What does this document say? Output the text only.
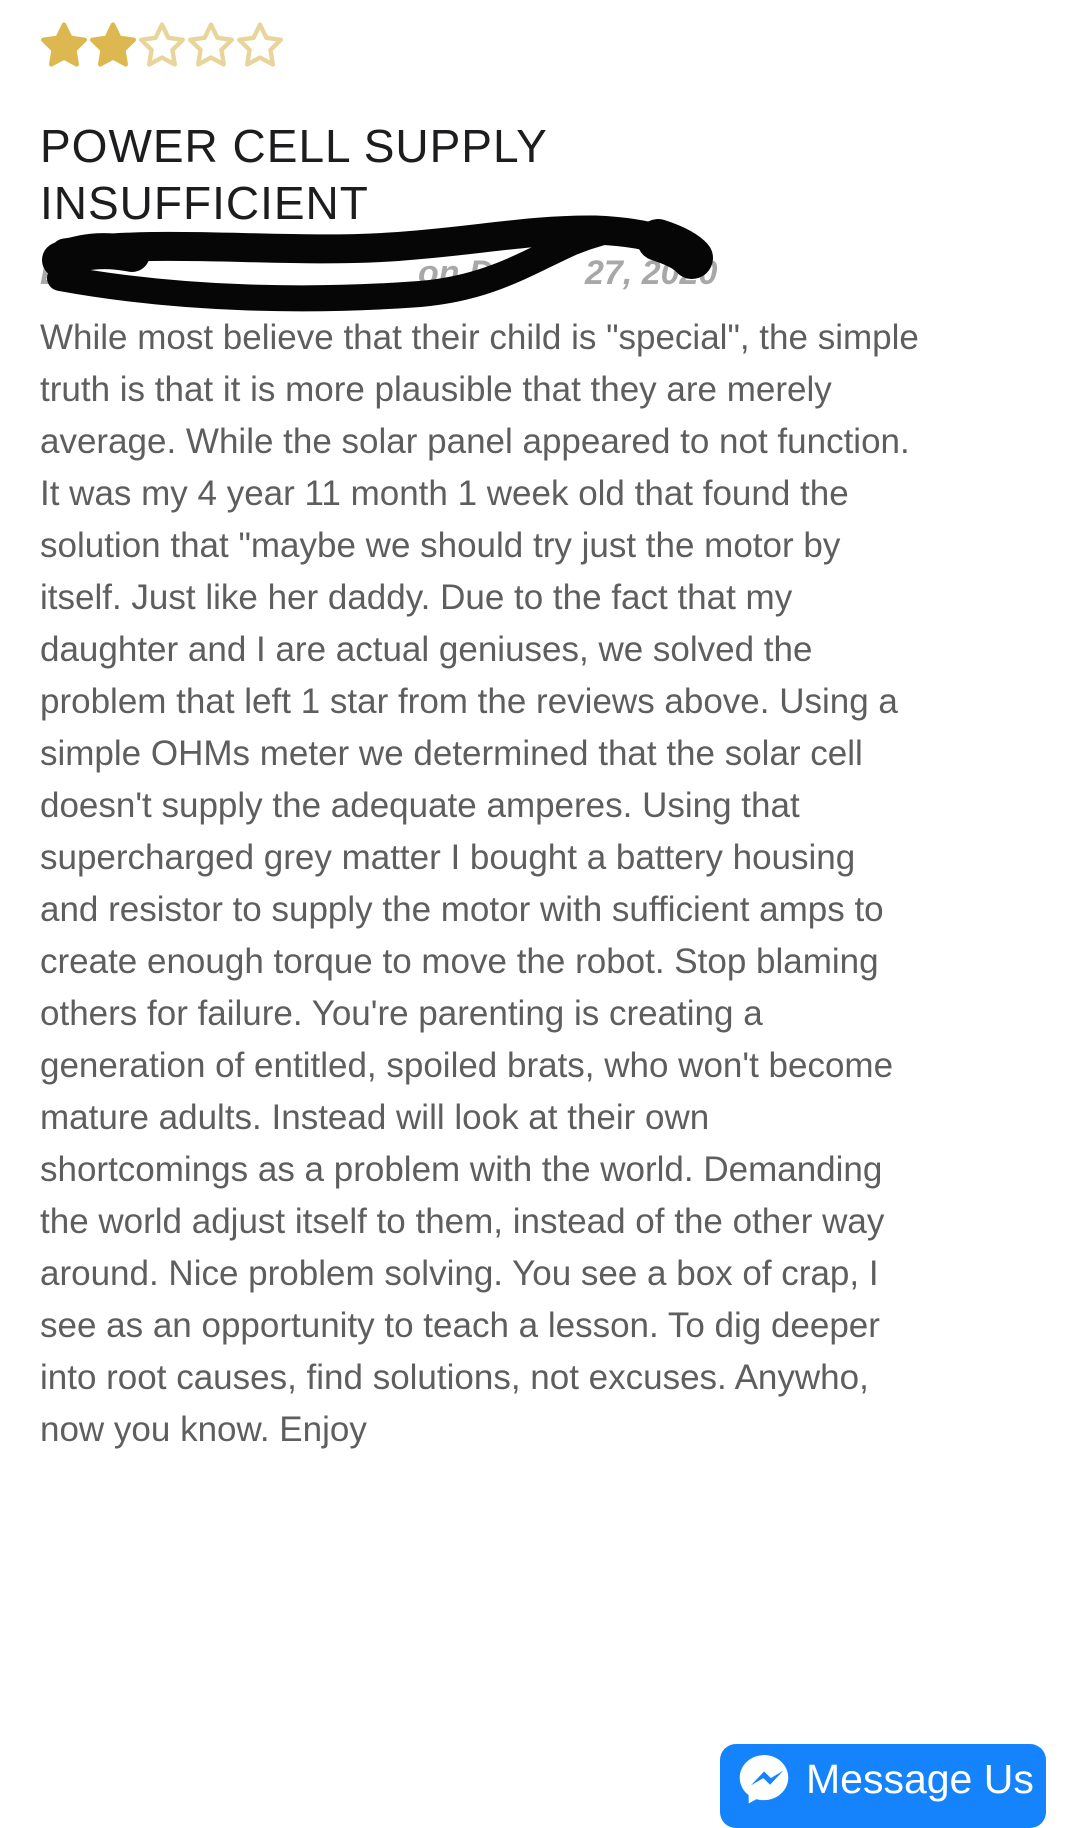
POWER CELL SUPPLY INSUFFICIENT
D	on D	27, 2020

While most believe that their child is "special", the simple truth is that it is more plausible that they are merely average. While the solar panel appeared to not function. It was my 4 year 11 month 1 week old that found the solution that "maybe we should try just the motor by itself. Just like her daddy. Due to the fact that my daughter and I are actual geniuses, we solved the problem that left 1 star from the reviews above. Using a simple OHMs meter we determined that the solar cell doesn't supply the adequate amperes. Using that supercharged grey matter I bought a battery housing and resistor to supply the motor with sufficient amps to create enough torque to move the robot. Stop blaming others for failure. You're parenting is creating a generation of entitled, spoiled brats, who won't become mature adults. Instead will look at their own shortcomings as a problem with the world. Demanding the world adjust itself to them, instead of the other way around. Nice problem solving. You see a box of crap, I see as an opportunity to teach a lesson. To dig deeper into root causes, find solutions, not excuses. Anywho, now you know. Enjoy

Message Us
